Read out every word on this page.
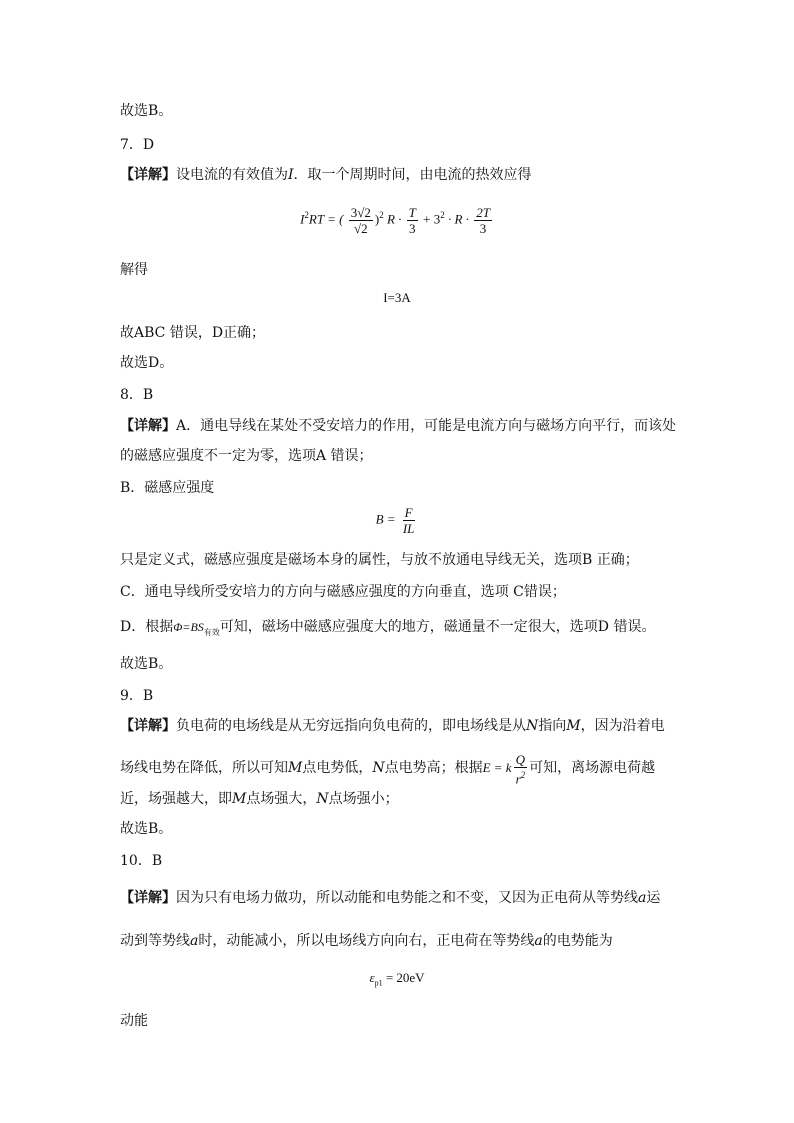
故选B。
7．D
【详解】设电流的有效值为I．取一个周期时间，由电流的热效应得
$I^2RT$ = ( $\frac{3√2}{√2} )^2$ $R \cdot \frac{T}{3} + 3^2 \cdot R \cdot \frac{2T}{3}$
解得
I=3A
故ABC 错误，D正确；
故选D。
8．B
【详解】A．通电导线在某处不受安培力的作用，可能是电流方向与磁场方向平行，而该处
的磁感应强度不一定为零，选项A 错误；
B．磁感应强度
$B = \frac{F}{IL}$
只是定义式，磁感应强度是磁场本身的属性，与放不放通电导线无关，选项B 正确；
C．通电导线所受安培力的方向与磁感应强度的方向垂直，选项 C错误；
D．根据$\Phi=BS_{有效}$可知，磁场中磁感应强度大的地方，磁通量不一定很大，选项D 错误。
故选B。
9．B
【详解】负电荷的电场线是从无穷远指向负电荷的，即电场线是从N指向M，因为沿着电
场线电势在降低，所以可知M点电势低，N点电势高；根据E = k $\frac{Q}{r^2}$ 可知，离场源电荷越
近，场强越大，即M点场强大，N点场强小；
故选B。
10．B
【详解】因为只有电场力做功，所以动能和电势能之和不变，又因为正电荷从等势线a运
动到等势线a时，动能减小，所以电场线方向向右，正电荷在等势线a的电势能为
$\varepsilon_{p1} = 20eV$
动能
